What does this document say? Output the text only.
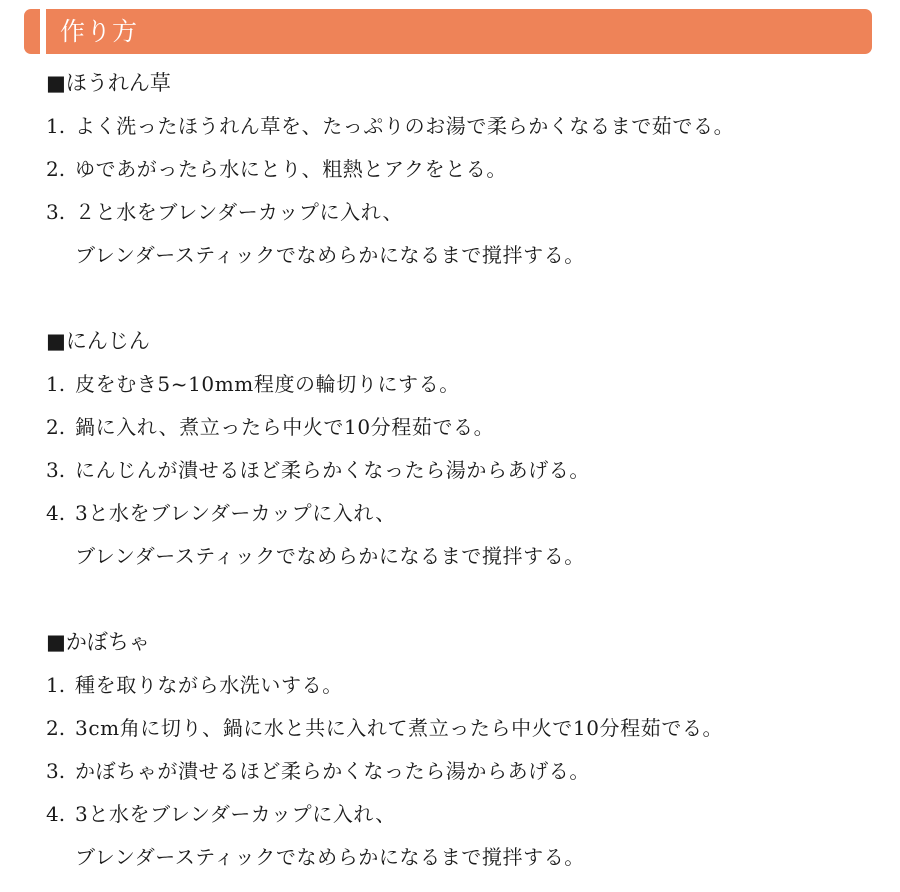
作り方
■ほうれん草
1. よく洗ったほうれん草を、たっぷりのお湯で柔らかくなるまで茹でる。
2. ゆであがったら水にとり、粗熱とアクをとる。
3. ２と水をブレンダーカップに入れ、
ブレンダースティックでなめらかになるまで撹拌する。
■にんじん
1. 皮をむき5~10mm程度の輪切りにする。
2. 鍋に入れ、煮立ったら中火で10分程茹でる。
3. にんじんが潰せるほど柔らかくなったら湯からあげる。
4. 3と水をブレンダーカップに入れ、
ブレンダースティックでなめらかになるまで撹拌する。
■かぼちゃ
1. 種を取りながら水洗いする。
2. 3cm角に切り、鍋に水と共に入れて煮立ったら中火で10分程茹でる。
3. かぼちゃが潰せるほど柔らかくなったら湯からあげる。
4. 3と水をブレンダーカップに入れ、
ブレンダースティックでなめらかになるまで撹拌する。
